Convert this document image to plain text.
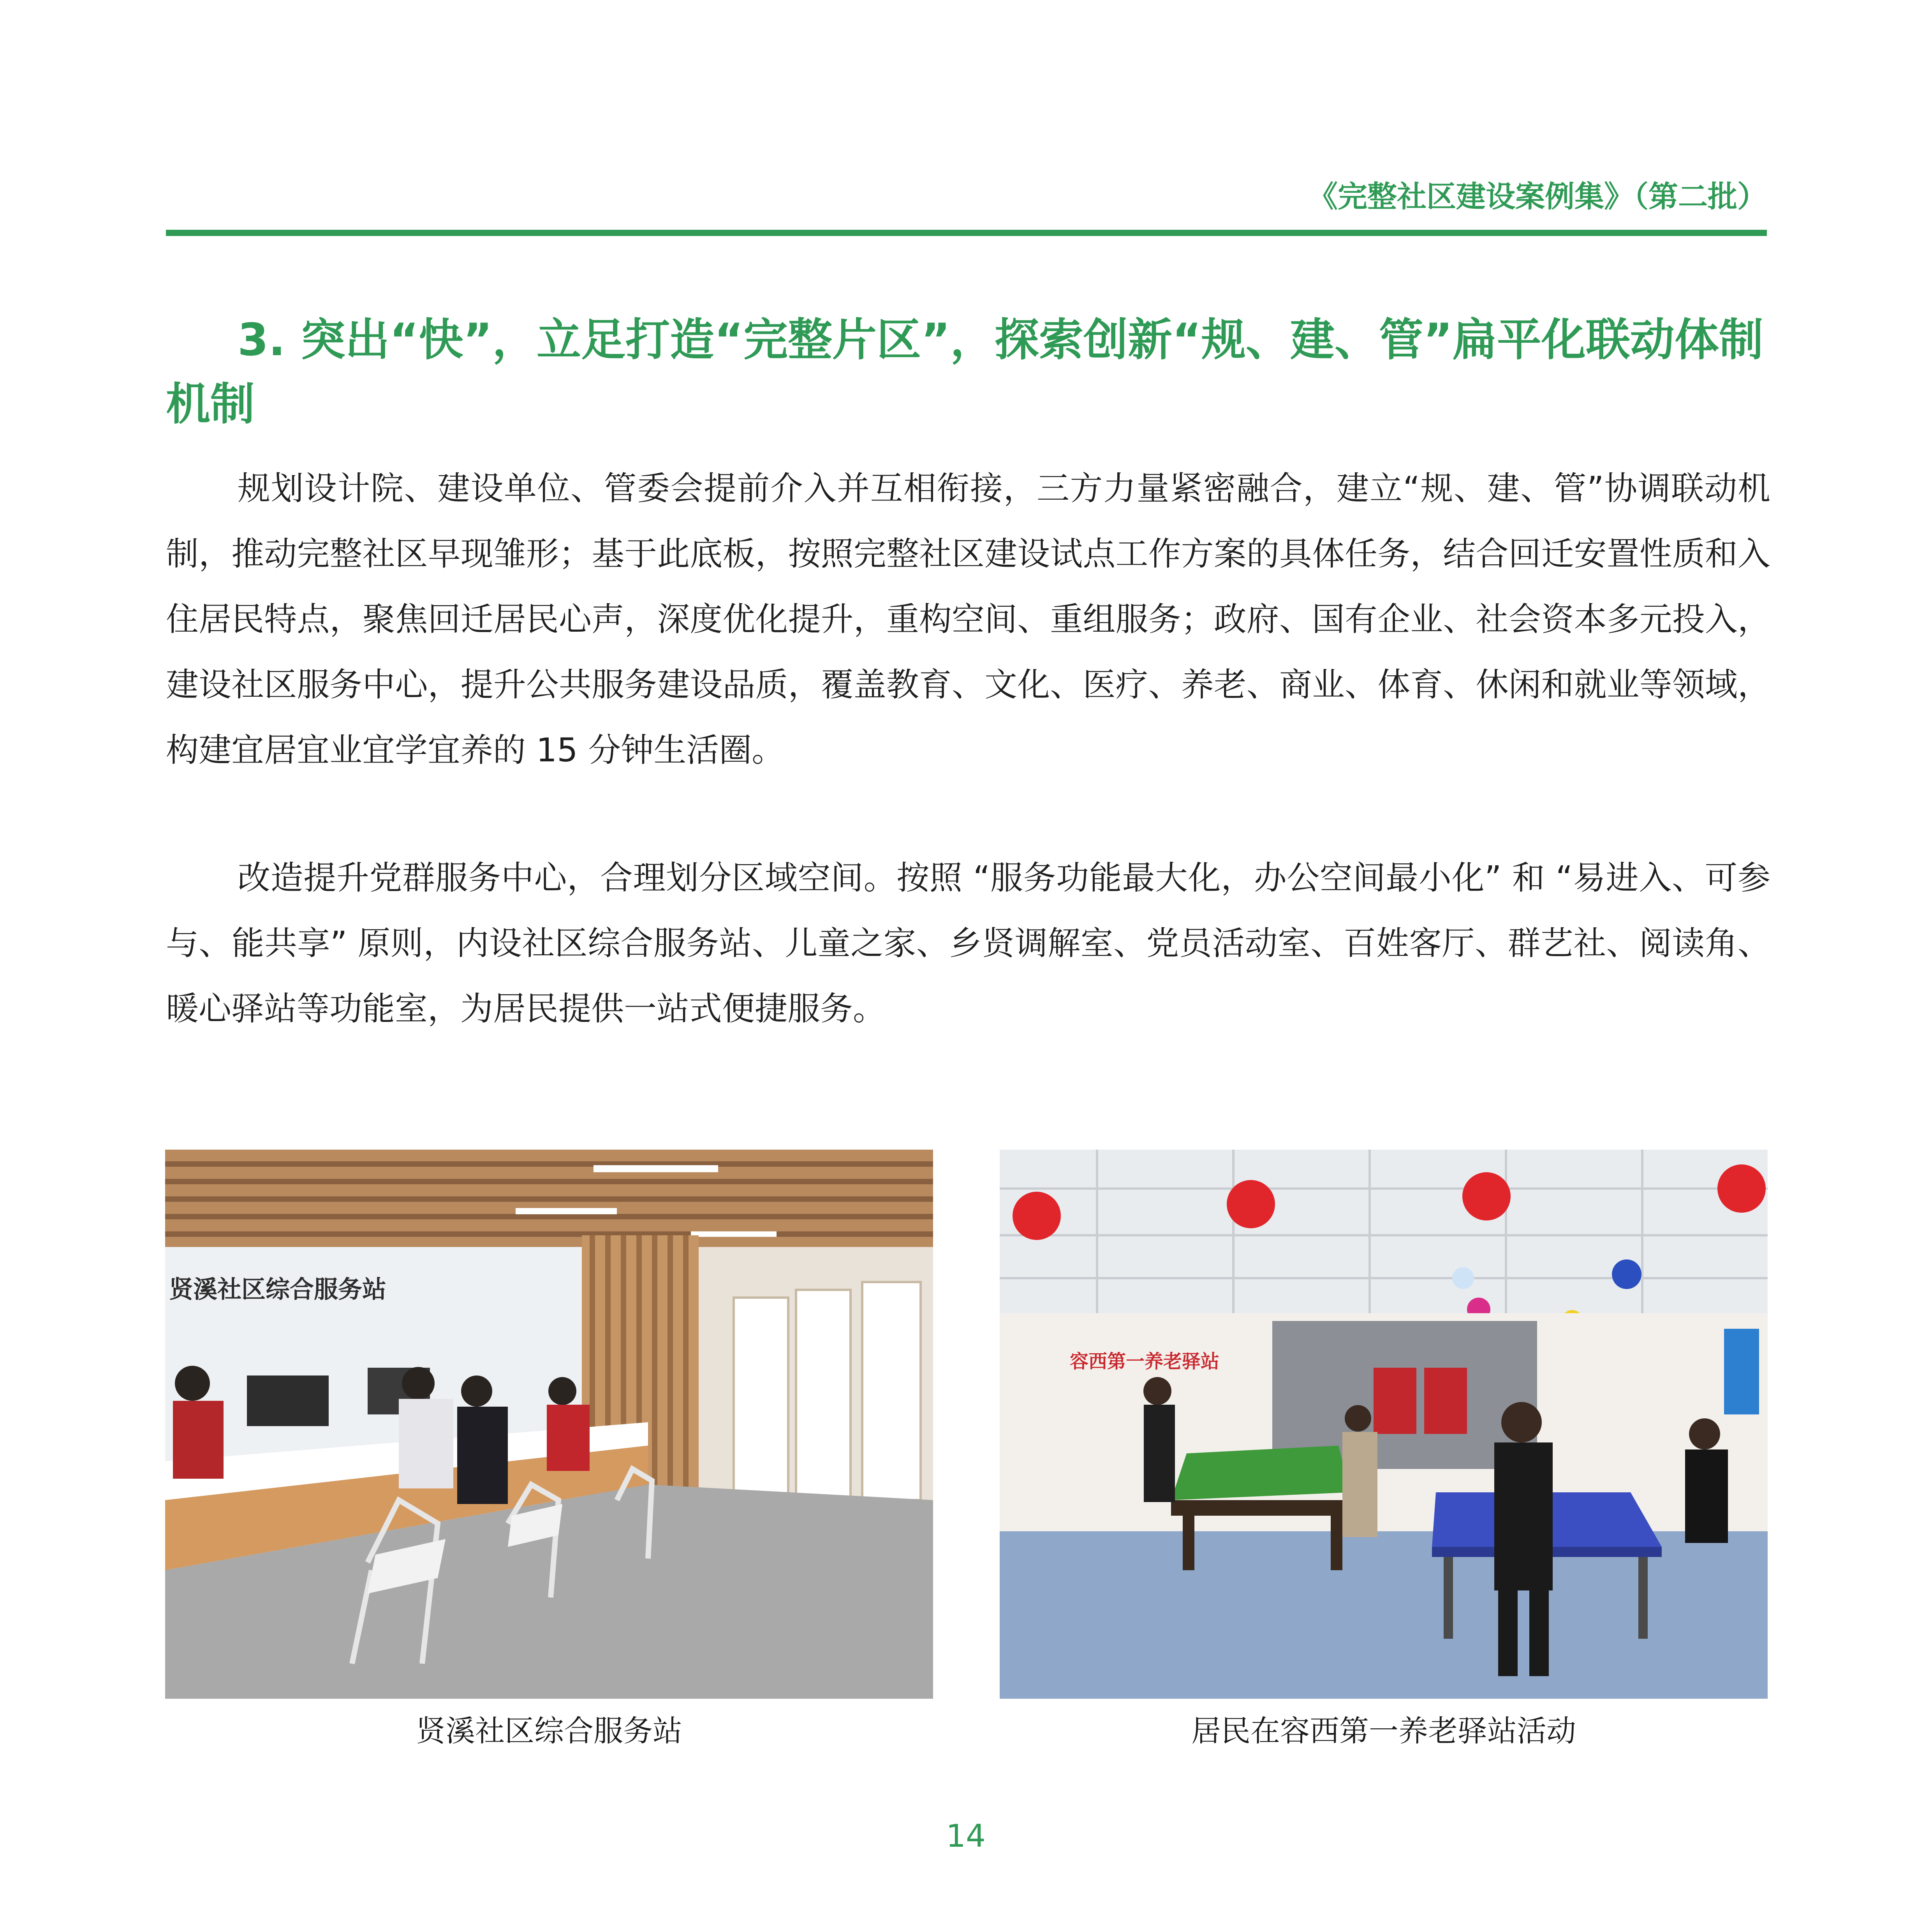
《完整社区建设案例集》（第二批）
3. 突出“快”，立足打造“完整片区”，探索创新“规、建、管”扁平化联动体制机制

规划设计院、建设单位、管委会提前介入并互相衔接，三方力量紧密融合，建立“规、建、管”协调联动机制，推动完整社区早现雏形；基于此底板，按照完整社区建设试点工作方案的具体任务，结合回迁安置性质和入住居民特点，聚焦回迁居民心声，深度优化提升，重构空间、重组服务；政府、国有企业、社会资本多元投入，建设社区服务中心，提升公共服务建设品质，覆盖教育、文化、医疗、养老、商业、体育、休闲和就业等领域，构建宜居宜业宜学宜养的 15 分钟生活圈。

改造提升党群服务中心，合理划分区域空间。按照 “服务功能最大化，办公空间最小化” 和 “易进入、可参与、能共享” 原则，内设社区综合服务站、儿童之家、乡贤调解室、党员活动室、百姓客厅、群艺社、阅读角、暖心驿站等功能室，为居民提供一站式便捷服务。

贤溪社区综合服务站
容西第一养老驿站
贤溪社区综合服务站	居民在容西第一养老驿站活动
14
